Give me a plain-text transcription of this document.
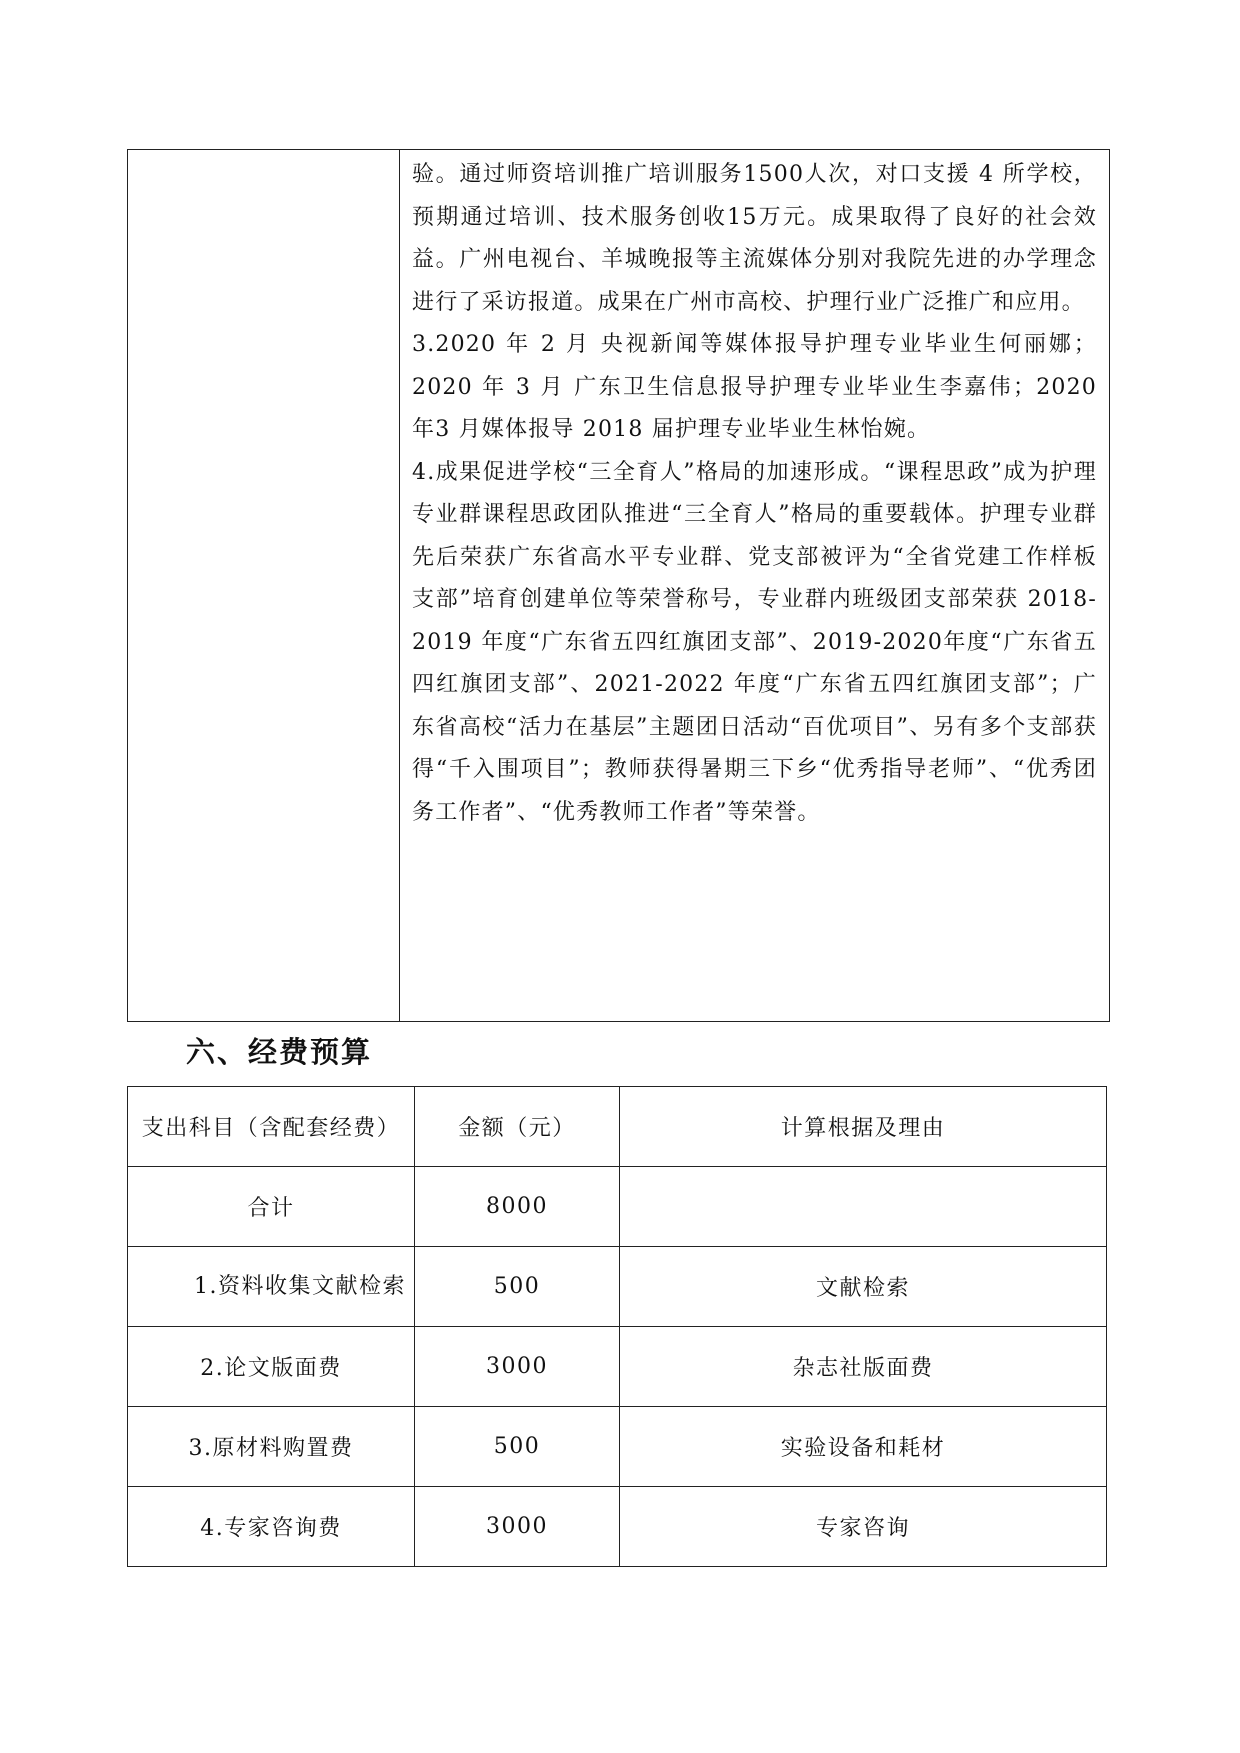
验。通过师资培训推广培训服务1500人次，对口支援 4 所学校，预期通过培训、技术服务创收15万元。成果取得了良好的社会效益。广州电视台、羊城晚报等主流媒体分别对我院先进的办学理念进行了采访报道。成果在广州市高校、护理行业广泛推广和应用。

3.2020 年 2 月 央视新闻等媒体报导护理专业毕业生何丽娜；2020 年 3 月 广东卫生信息报导护理专业毕业生李嘉伟；2020 年3 月媒体报导 2018 届护理专业毕业生林怡婉。

4.成果促进学校“三全育人”格局的加速形成。“课程思政”成为护理专业群课程思政团队推进“三全育人”格局的重要载体。护理专业群先后荣获广东省高水平专业群、党支部被评为“全省党建工作样板支部”培育创建单位等荣誉称号，专业群内班级团支部荣获 2018-2019 年度“广东省五四红旗团支部”、2019-2020年度“广东省五四红旗团支部”、2021-2022 年度“广东省五四红旗团支部”；广东省高校“活力在基层”主题团日活动“百优项目”、另有多个支部获得“千入围项目”；教师获得暑期三下乡“优秀指导老师”、“优秀团务工作者”、“优秀教师工作者”等荣誉。

六、经费预算
支出科目（含配套经费）	金额（元）	计算根据及理由
合计	8000	
1.资料收集文献检索	500	文献检索
2.论文版面费	3000	杂志社版面费
3.原材料购置费	500	实验设备和耗材
4.专家咨询费	3000	专家咨询
